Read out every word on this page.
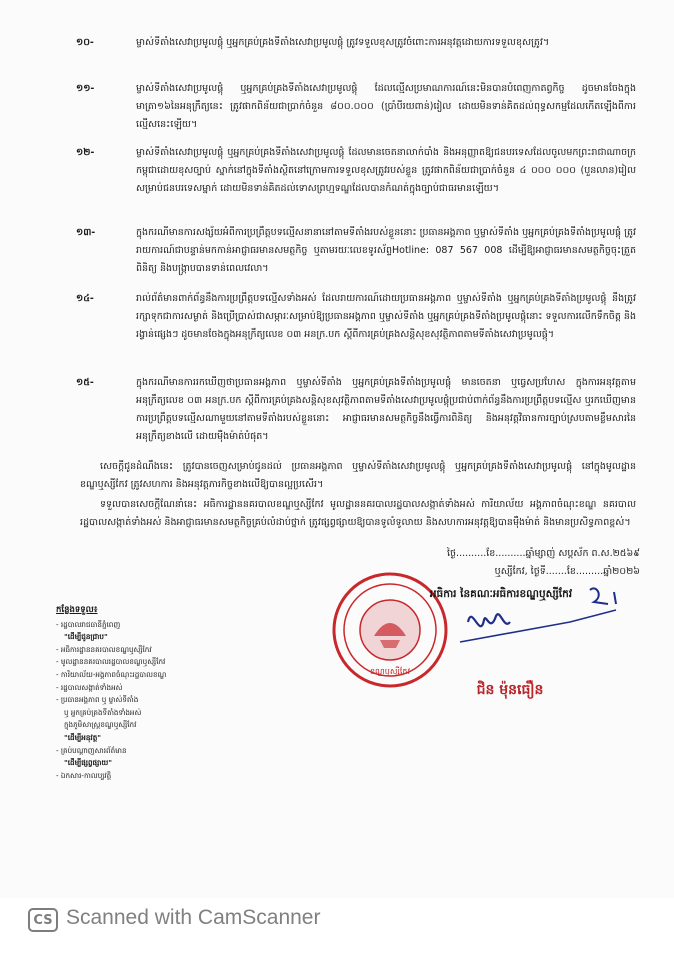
១០-	ម្ចាស់ទីតាំងសេវាប្រមូលផ្តុំ ឬអ្នកគ្រប់គ្រងទីតាំងសេវាប្រមូលផ្តុំ ត្រូវទទួលខុសត្រូវចំពោះការអនុវត្តដោយការទទួលខុសត្រូវ។
១១-	ម្ចាស់ទីតាំងសេវាប្រមូលផ្តុំ ឬអ្នកគ្រប់គ្រងទីតាំងសេវាប្រមូលផ្តុំ ដែលល្មើសប្រមាណការណ៍នេះមិនបានបំពេញកាតព្វកិច្ច ដូចមានចែងក្នុងមាត្រា១៦នៃអនុក្រឹត្យនេះ ត្រូវផាកពិន័យជាប្រាក់ចំនួន ៨០០.០០០ (ប្រាំបីរយពាន់)រៀល ដោយមិនទាន់គិតដល់ពុទ្ធសកម្មដែលកើតឡើងពីការល្មើសនេះឡើយ។
១២-	ម្ចាស់ទីតាំងសេវាប្រមូលផ្តុំ ឬអ្នកគ្រប់គ្រងទីតាំងសេវាប្រមូលផ្តុំ ដែលមានចេតនាលាក់បាំង និងអនុញ្ញាតឱ្យជនបរទេសដែលចូលមកព្រះរាជាណាចក្រកម្ពុជាដោយខុសច្បាប់ ស្នាក់នៅក្នុងទីតាំងស្ថិតនៅក្រោមការទទួលខុសត្រូវរបស់ខ្លួន ត្រូវផាកពិន័យជាប្រាក់ចំនួន ៤ ០០០ ០០០ (បួនលាន)រៀល សម្រាប់ជនបរទេសម្នាក់ ដោយមិនទាន់គិតដល់ទោសព្រហ្មទណ្ឌដែលបានកំណត់ក្នុងច្បាប់ជាធរមានឡើយ។
១៣-	ក្នុងករណីមានការសង្ស័យអំពីការប្រព្រឹត្តបទល្មើសនានានៅតាមទីតាំងរបស់ខ្លួននោះ ប្រធានអង្គភាព ឬម្ចាស់ទីតាំង ឬអ្នកគ្រប់គ្រងទីតាំងប្រមូលផ្តុំ ត្រូវរាយការណ៍ជាបន្ទាន់មកកាន់អាជ្ញាធរមានសមត្ថកិច្ច ឬតាមរយៈលេខទូរស័ព្ទHotline: 087 567 008 ដើម្បីឱ្យអាជ្ញាធរមានសមត្ថកិច្ចចុះត្រួតពិនិត្យ និងបង្ក្រាបបានទាន់ពេលវេលា។
១៤-	រាល់ព័ត៌មានពាក់ព័ន្ធនឹងការប្រព្រឹត្តបទល្មើសទាំងអស់ ដែលរាយការណ៍ដោយប្រធានអង្គភាព ឬម្ចាស់ទីតាំង ឬអ្នកគ្រប់គ្រងទីតាំងប្រមូលផ្តុំ នឹងត្រូវរក្សាទុកជាការសម្ងាត់ និងប្រើប្រាស់ជាសម្ភារៈសម្រាប់ឱ្យប្រធានអង្គភាព ឬម្ចាស់ទីតាំង ឬអ្នកគ្រប់គ្រងទីតាំងប្រមូលផ្តុំនោះ ទទួលការលើកទឹកចិត្ត និងរង្វាន់ផ្សេងៗ ដូចមានចែងក្នុងអនុក្រឹត្យលេខ ០៣ អនក្រ.បក ស្តីពីការគ្រប់គ្រងសន្តិសុខសុវត្ថិភាពតាមទីតាំងសេវាប្រមូលផ្តុំ។
១៥-	ក្នុងករណីមានការរកឃើញថាប្រធានអង្គភាព ឬម្ចាស់ទីតាំង ឬអ្នកគ្រប់គ្រងទីតាំងប្រមូលផ្តុំ មានចេតនា ឬធ្វេសប្រហែស ក្នុងការអនុវត្តតាមអនុក្រឹត្យលេខ ០៣ អនក្រ.បក ស្តីពីការគ្រប់គ្រងសន្តិសុខសុវត្ថិភាពតាមទីតាំងសេវាប្រមូលផ្តុំប្រជាប់ពាក់ព័ន្ធនឹងការប្រព្រឹត្តបទល្មើស ឬរកឃើញមានការប្រព្រឹត្តបទល្មើសណាមួយនៅតាមទីតាំងរបស់ខ្លួននោះ អាជ្ញាធរមានសមត្ថកិច្ចនឹងធ្វើការពិនិត្យ និងអនុវត្តវិធានការច្បាប់ស្របតាមខ្លឹមសារនៃអនុក្រឹត្យខាងលើ ដោយម៉ឺងម៉ាត់បំផុត។
សេចក្តីជូនដំណឹងនេះ ត្រូវបានចេញសម្រាប់ជូនដល់ ប្រធានអង្គភាព ឬម្ចាស់ទីតាំងសេវាប្រមូលផ្តុំ ឬអ្នកគ្រប់គ្រងទីតាំងសេវាប្រមូលផ្តុំ នៅក្នុងមូលដ្ឋានខណ្ឌឬស្សីកែវ ត្រូវសហការ និងអនុវត្តភារកិច្ចខាងលើឱ្យបានល្អប្រសើរ។
ទទួលបានសេចក្តីណែនាំនេះ អធិការដ្ឋាននគរបាលខណ្ឌឬស្សីកែវ មូលដ្ឋាននគរបាលរដ្ឋបាលសង្កាត់ទាំងអស់ ការិយាល័យ អង្គភាពចំណុះខណ្ឌ នគរបាលរដ្ឋបាលសង្កាត់ទាំងអស់ និងអាជ្ញាធរមានសមត្ថកិច្ចគ្រប់លំដាប់ថ្នាក់ ត្រូវផ្សព្វផ្សាយឱ្យបានទូលំទូលាយ និងសហការអនុវត្តឱ្យបានម៉ឺងម៉ាត់ និងមានប្រសិទ្ធភាពខ្ពស់។
ថ្ងៃ..........ខែ..........ឆ្នាំម្សាញ់ សប្តស័ក ព.ស.២៥៦៩
ឬស្សីកែវ, ថ្ងៃទី.......ខែ.........ឆ្នាំ២០២៦
ខណ្ឌឬស្សីកែវ
អធិការ នៃគណៈអធិការខណ្ឌឬស្សីកែវ
ជិន ម៉ុនធឿន
កន្លែងទទួល៖
- រដ្ឋបាលរាជធានីភ្នំពេញ
"ដើម្បីជូនជ្រាប"
- អធិការដ្ឋាននគរបាលខណ្ឌឬស្សីកែវ
- មូលដ្ឋាននគរបាលរដ្ឋបាលខណ្ឌឬស្សីកែវ
- ការិយាល័យ-អង្គភាពចំណុះរដ្ឋបាលខណ្ឌ
- រដ្ឋបាលសង្កាត់ទាំងអស់
- ប្រធានអង្គភាព ឬ ម្ចាស់ទីតាំង
ឬ អ្នកគ្រប់គ្រងទីតាំងទាំងអស់
ក្នុងភូមិសាស្ត្រខណ្ឌឬស្សីកែវ
"ដើម្បីអនុវត្ត"
- គ្រប់បណ្តាញសារព័ត៌មាន
"ដើម្បីផ្សព្វផ្សាយ"
- ឯកសារ-កាលប្បវត្តិ
CS Scanned with CamScanner
